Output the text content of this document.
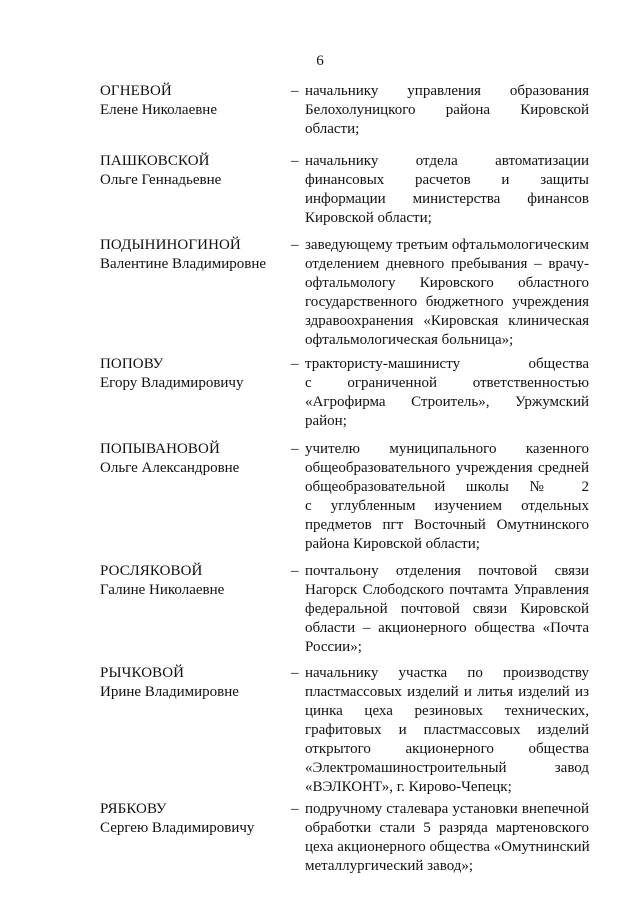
6
ОГНЕВОЙ
Елене Николаевне
– начальнику управления образования
Белохолуницкого района Кировской
области;
ПАШКОВСКОЙ
Ольге Геннадьевне
– начальнику отдела автоматизации
финансовых расчетов и защиты
информации министерства финансов
Кировской области;
ПОДЫНИНОГИНОЙ
Валентине Владимировне
– заведующему третьим офтальмологическим
отделением дневного пребывания – врачу-
офтальмологу Кировского областного
государственного бюджетного учреждения
здравоохранения «Кировская клиническая
офтальмологическая больница»;
ПОПОВУ
Егору Владимировичу
– трактористу-машинисту общества
с ограниченной ответственностью
«Агрофирма Строитель», Уржумский
район;
ПОПЫВАНОВОЙ
Ольге Александровне
– учителю муниципального казенного
общеобразовательного учреждения средней
общеобразовательной школы № 2
с углубленным изучением отдельных
предметов пгт Восточный Омутнинского
района Кировской области;
РОСЛЯКОВОЙ
Галине Николаевне
– почтальону отделения почтовой связи
Нагорск Слободского почтамта Управления
федеральной почтовой связи Кировской
области – акционерного общества «Почта
России»;
РЫЧКОВОЙ
Ирине Владимировне
– начальнику участка по производству
пластмассовых изделий и литья изделий из
цинка цеха резиновых технических,
графитовых и пластмассовых изделий
открытого акционерного общества
«Электромашиностроительный завод
«ВЭЛКОНТ», г. Кирово-Чепецк;
РЯБКОВУ
Сергею Владимировичу
– подручному сталевара установки внепечной
обработки стали 5 разряда мартеновского
цеха акционерного общества «Омутнинский
металлургический завод»;
